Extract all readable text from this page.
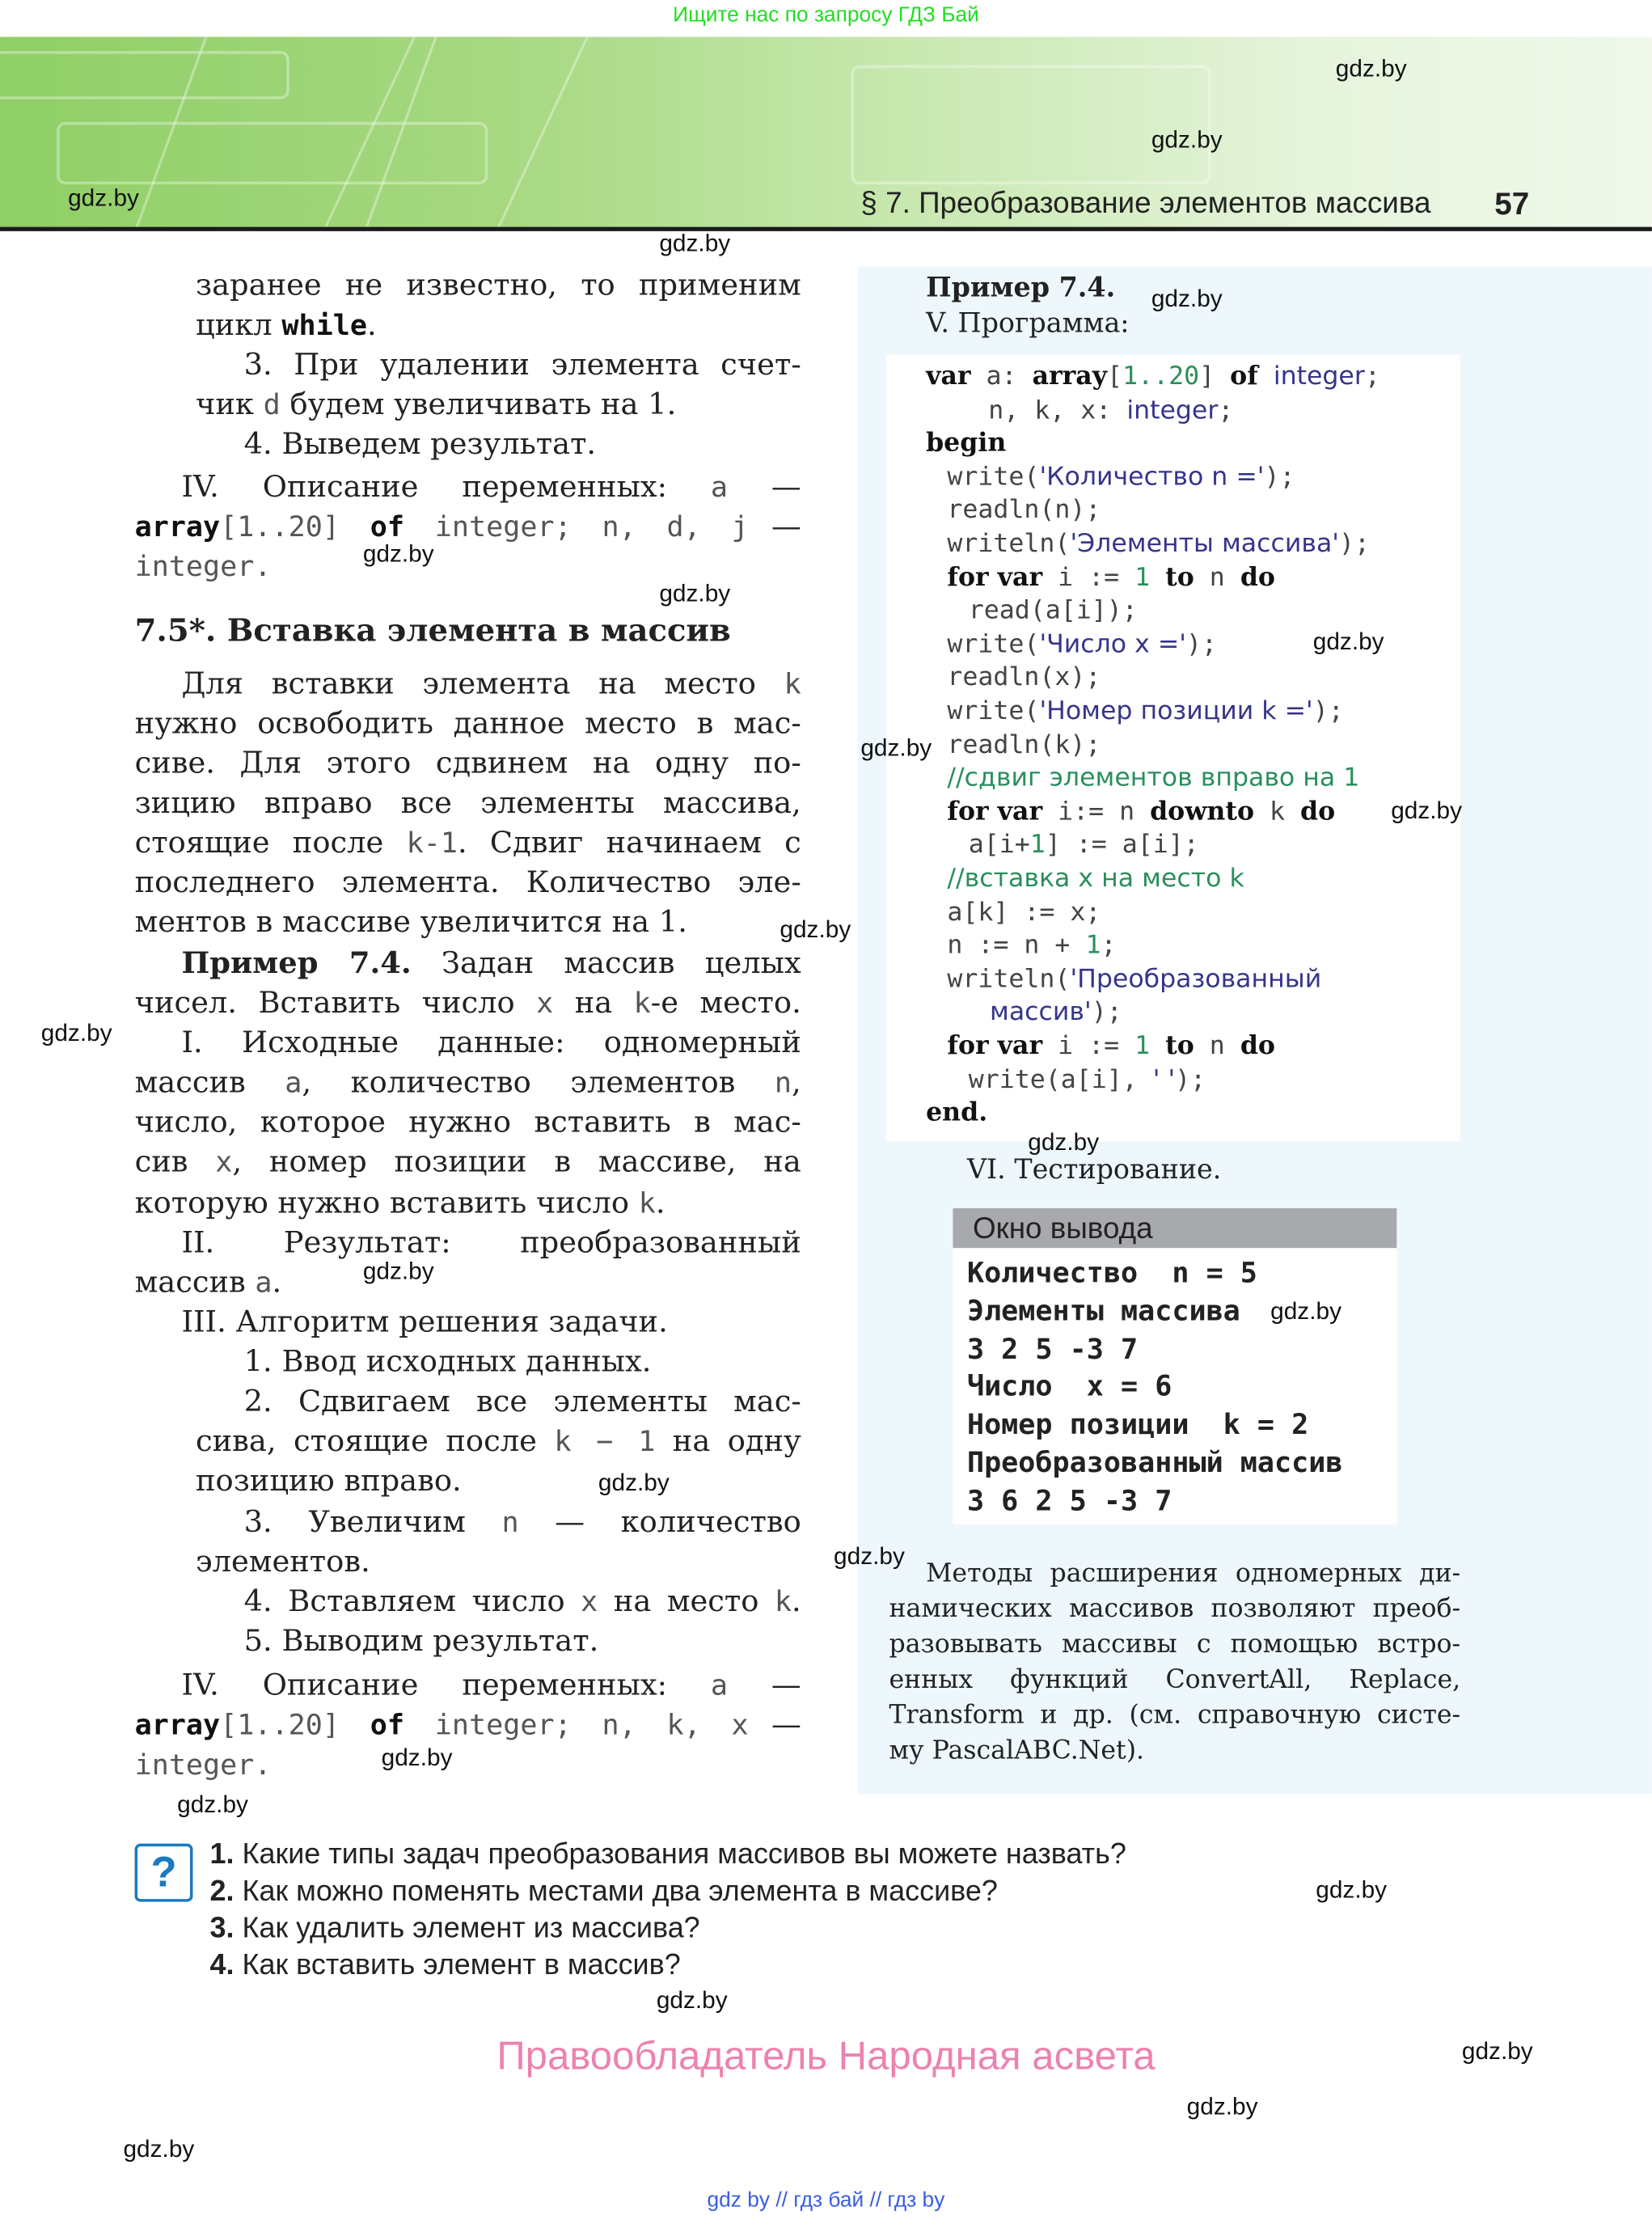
Ищите нас по запросу ГДЗ Бай
§ 7. Преобразование элементов массива	57
заранее не известно, то применим
цикл while.
3. При удалении элемента счет-
чик d будем увеличивать на 1.
4. Выведем результат.
IV. Описание переменных: a —
array[1..20] of integer; n, d, j —
integer.
7.5*. Вставка элемента в массив
Для вставки элемента на место k
нужно освободить данное место в мас-
сиве. Для этого сдвинем на одну по-
зицию вправо все элементы массива,
стоящие после k-1. Сдвиг начинаем с
последнего элемента. Количество эле-
ментов в массиве увеличится на 1.
Пример 7.4. Задан массив целых
чисел. Вставить число x на k-е место.
I. Исходные данные: одномерный
массив a, количество элементов n,
число, которое нужно вставить в мас-
сив x, номер позиции в массиве, на
которую нужно вставить число k.
II. Результат: преобразованный
массив a.
III. Алгоритм решения задачи.
1. Ввод исходных данных.
2. Сдвигаем все элементы мас-
сива, стоящие после k − 1 на одну
позицию вправо.
3. Увеличим n — количество
элементов.
4. Вставляем число x на место k.
5. Выводим результат.
IV. Описание переменных: a —
array[1..20] of integer; n, k, x —
integer.
Пример 7.4.
V. Программа:
var a: array[1..20] of integer;
n, k, x: integer;
begin
write('Количество n =');
readln(n);
writeln('Элементы массива');
for var i := 1 to n do
read(a[i]);
write('Число x =');
readln(x);
write('Номер позиции k =');
readln(k);
//сдвиг элементов вправо на 1
for var i:= n downto k do
a[i+1] := a[i];
//вставка x на место k
a[k] := x;
n := n + 1;
writeln('Преобразованный
массив');
for var i := 1 to n do
write(a[i], ' ');
end.
VI. Тестирование.
Окно вывода
Количество  n = 5
Элементы массива
3 2 5 -3 7
Число  x = 6
Номер позиции  k = 2
Преобразованный массив
3 6 2 5 -3 7
Методы расширения одномерных ди-
намических массивов позволяют преоб-
разовывать массивы с помощью встро-
енных функций ConvertAll, Replace,
Transform и др. (см. справочную систе-
му PascalABC.Net).
?	1. Какие типы задач преобразования массивов вы можете назвать?
2. Как можно поменять местами два элемента в массиве?
3. Как удалить элемент из массива?
4. Как вставить элемент в массив?
Правообладатель Народная асвета
gdz by // гдз бай // гдз by
gdz.by
gdz.by
gdz.by
gdz.by
gdz.by
gdz.by
gdz.by
gdz.by
gdz.by
gdz.by
gdz.by
gdz.by
gdz.by
gdz.by
gdz.by
gdz.by
gdz.by
gdz.by
gdz.by
gdz.by
gdz.by
gdz.by
gdz.by
gdz.by
